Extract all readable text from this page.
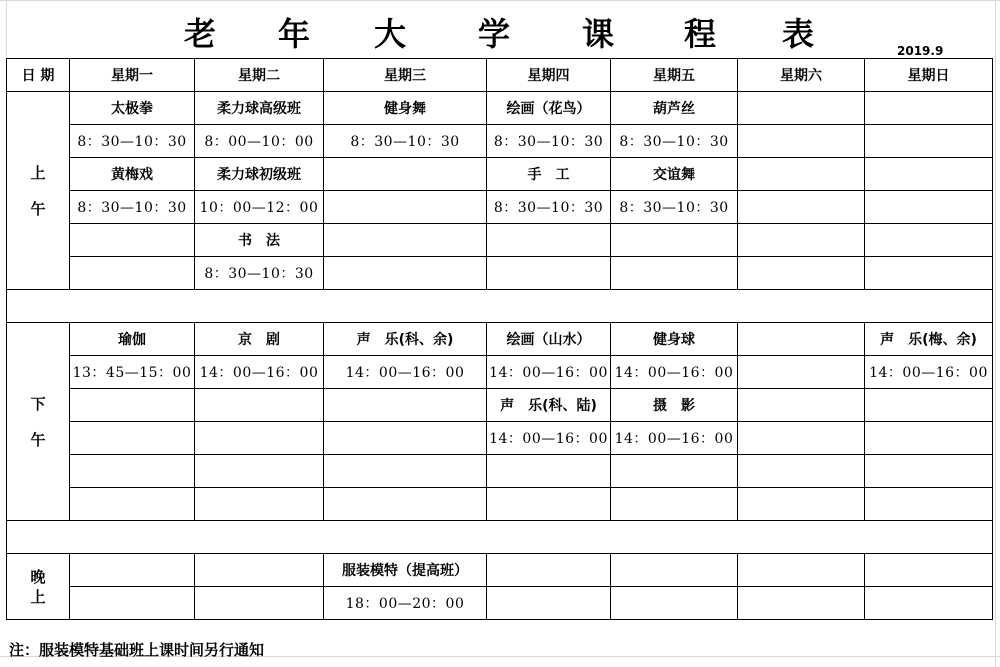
老 年 大 学 课 程 表	2019.9
日 期	星期一	星期二	星期三	星期四	星期五	星期六	星期日
上午	太极拳	柔力球高级班	健身舞	绘画（花鸟）	葫芦丝		
	8：30—10：30	8：00—10：00	8：30—10：30	8：30—10：30	8：30—10：30		
	黄梅戏	柔力球初级班		手　工	交谊舞		
	8：30—10：30	10：00—12：00		8：30—10：30	8：30—10：30		
		书　法					
		8：30—10：30					

下午	瑜伽	京　剧	声　乐(科、余)	绘画（山水）	健身球		声　乐(梅、余)
	13：45—15：00	14：00—16：00	14：00—16：00	14：00—16：00	14：00—16：00		14：00—16：00
				声　乐(科、陆)	摄　影		
				14：00—16：00	14：00—16：00		

晚上			服装模特（提高班）				
			18：00—20：00				
注：服装模特基础班上课时间另行通知
